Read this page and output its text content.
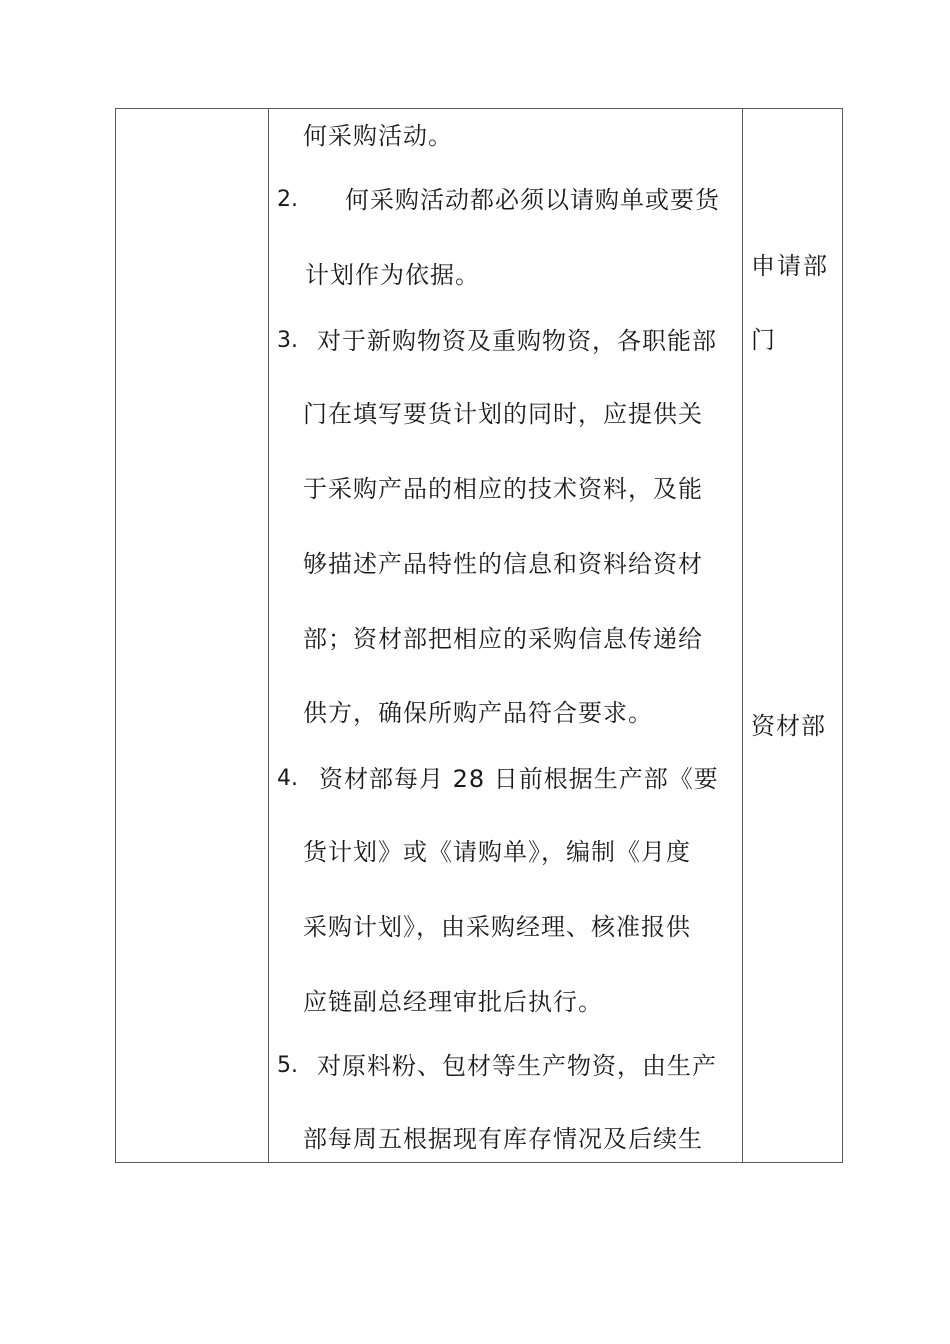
何采购活动。
2. 何采购活动都必须以请购单或要货
计划作为依据。
3. 对于新购物资及重购物资，各职能部
门在填写要货计划的同时，应提供关
于采购产品的相应的技术资料，及能
够描述产品特性的信息和资料给资材
部；资材部把相应的采购信息传递给
供方，确保所购产品符合要求。
4. 资材部每月 28 日前根据生产部《要
货计划》或《请购单》，编制《月度
采购计划》，由采购经理、核准报供
应链副总经理审批后执行。
5. 对原料粉、包材等生产物资，由生产
部每周五根据现有库存情况及后续生
申请部
门
资材部
